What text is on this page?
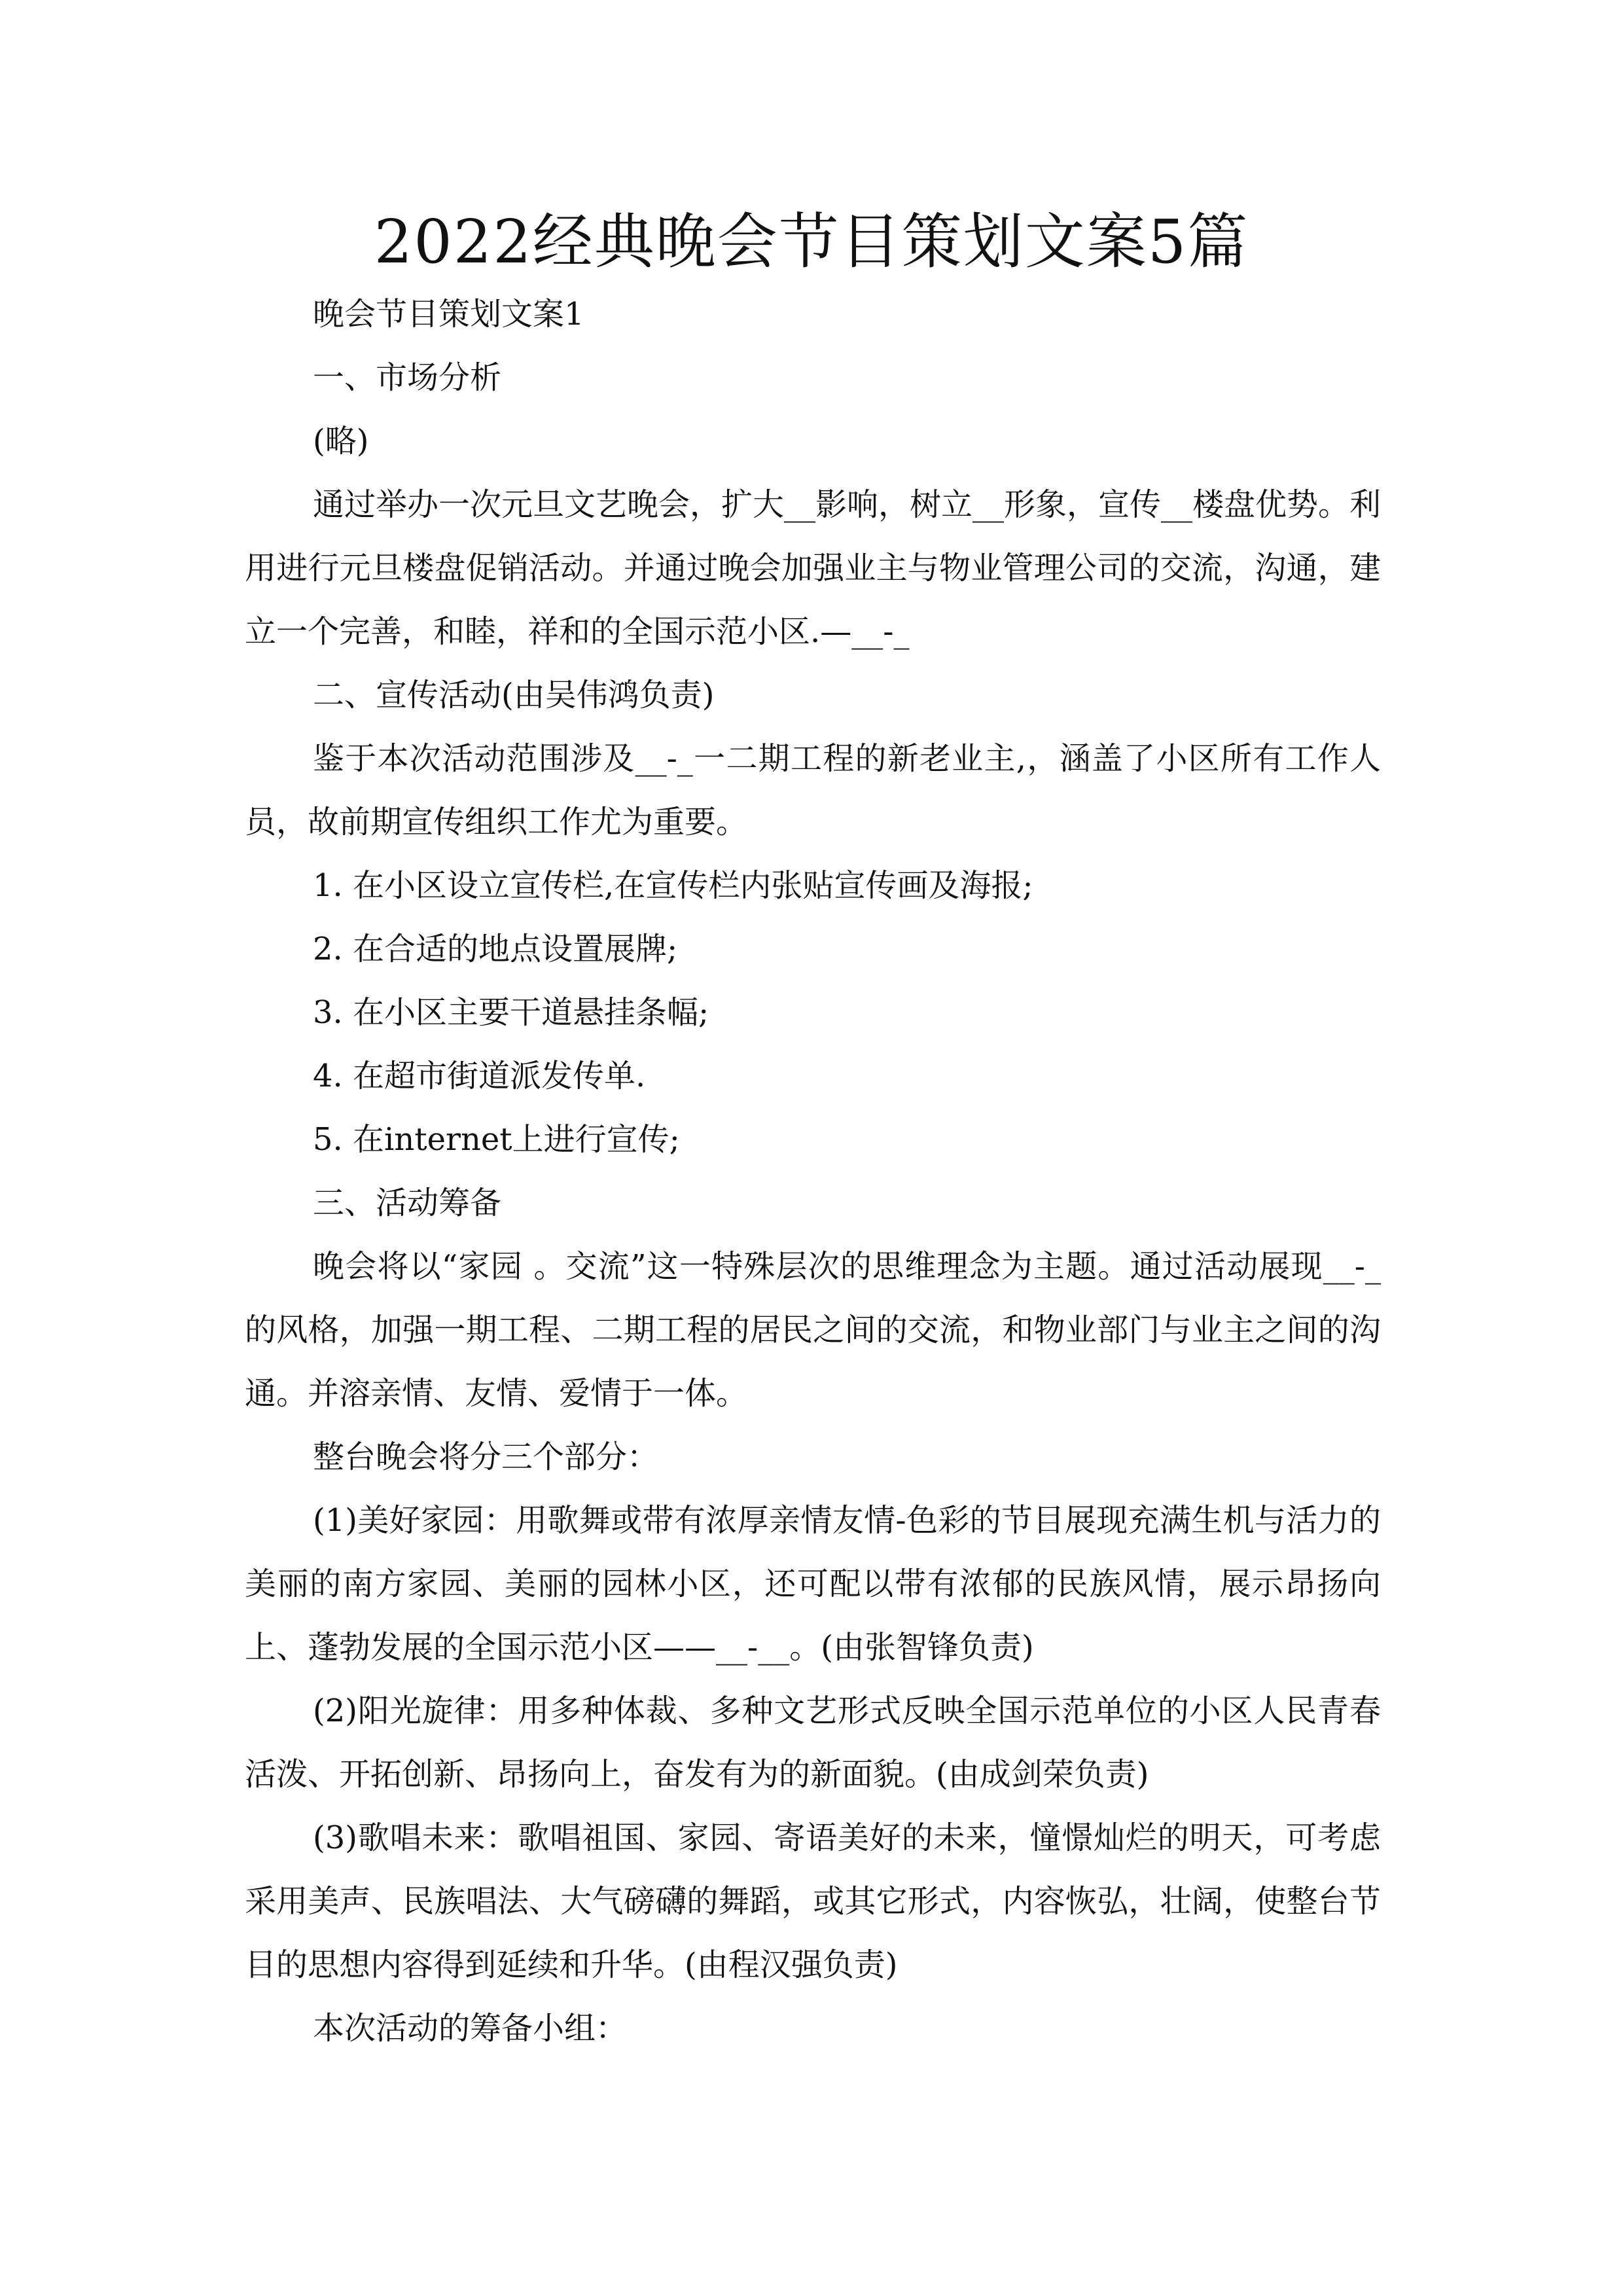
2022经典晚会节目策划文案5篇

晚会节目策划文案1

一、市场分析

(略)

通过举办一次元旦文艺晚会，扩大__影响，树立__形象，宣传__楼盘优势。利用进行元旦楼盘促销活动。并通过晚会加强业主与物业管理公司的交流，沟通，建立一个完善，和睦，祥和的全国示范小区.—__-_

二、宣传活动(由吴伟鸿负责)

鉴于本次活动范围涉及__-_一二期工程的新老业主,，涵盖了小区所有工作人员，故前期宣传组织工作尤为重要。

1. 在小区设立宣传栏,在宣传栏内张贴宣传画及海报;

2. 在合适的地点设置展牌;

3. 在小区主要干道悬挂条幅;

4. 在超市街道派发传单.

5. 在internet上进行宣传;

三、活动筹备

晚会将以“家园 。交流”这一特殊层次的思维理念为主题。通过活动展现__-_的风格，加强一期工程、二期工程的居民之间的交流，和物业部门与业主之间的沟通。并溶亲情、友情、爱情于一体。

整台晚会将分三个部分：

(1)美好家园：用歌舞或带有浓厚亲情友情-色彩的节目展现充满生机与活力的美丽的南方家园、美丽的园林小区，还可配以带有浓郁的民族风情，展示昂扬向上、蓬勃发展的全国示范小区——__-__。(由张智锋负责)

(2)阳光旋律：用多种体裁、多种文艺形式反映全国示范单位的小区人民青春活泼、开拓创新、昂扬向上，奋发有为的新面貌。(由成剑荣负责)

(3)歌唱未来：歌唱祖国、家园、寄语美好的未来，憧憬灿烂的明天，可考虑采用美声、民族唱法、大气磅礴的舞蹈，或其它形式，内容恢弘，壮阔，使整台节目的思想内容得到延续和升华。(由程汉强负责)

本次活动的筹备小组：
